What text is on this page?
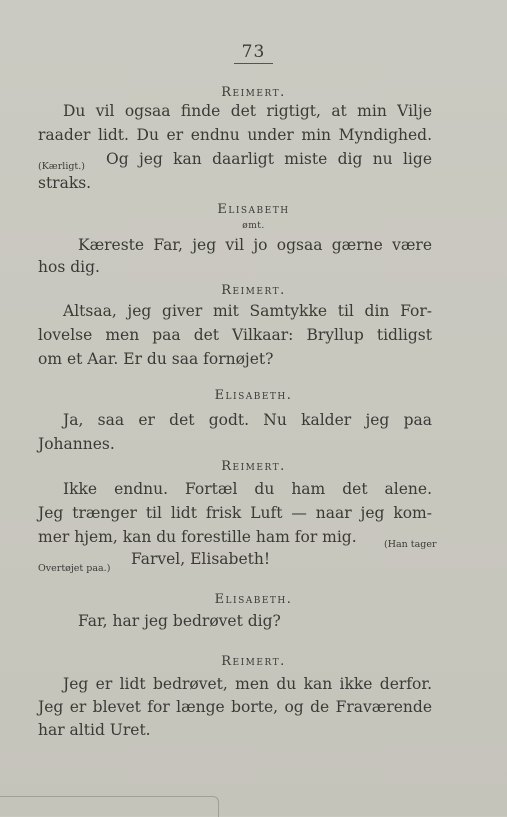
73
Reimert.
Du vil ogsaa finde det rigtigt, at min Vilje
raader lidt. Du er endnu under min Myndighed.
(Kærligt.) Og jeg kan daarligt miste dig nu lige
straks.
Elisabeth
ømt.
Kæreste Far, jeg vil jo ogsaa gærne være
hos dig.
Reimert.
Altsaa, jeg giver mit Samtykke til din For-
lovelse men paa det Vilkaar: Bryllup tidligst
om et Aar. Er du saa fornøjet?
Elisabeth.
Ja, saa er det godt. Nu kalder jeg paa
Johannes.
Reimert.
Ikke endnu. Fortæl du ham det alene.
Jeg trænger til lidt frisk Luft — naar jeg kom-
mer hjem, kan du forestille ham for mig.	(Han tager
Overtøjet paa.)
Farvel, Elisabeth!
Elisabeth.
Far, har jeg bedrøvet dig?
Reimert.
Jeg er lidt bedrøvet, men du kan ikke derfor.
Jeg er blevet for længe borte, og de Fraværende
har altid Uret.
